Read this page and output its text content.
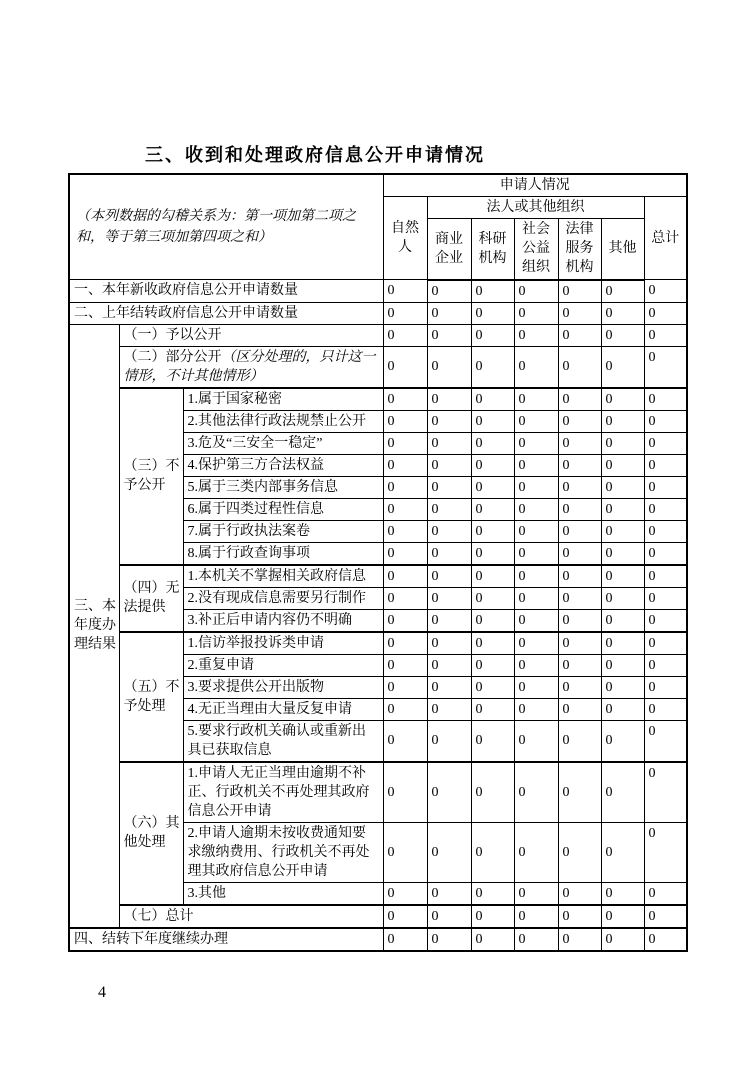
三、收到和处理政府信息公开申请情况
（本列数据的勾稽关系为：第一项加第二项之和，等于第三项加第四项之和）			申请人情况						
			自然人	法人或其他组织					总计
				商业企业	科研机构	社会公益组织	法律服务机构	其他	
一、本年新收政府信息公开申请数量			0	0	0	0	0	0	0
二、上年结转政府信息公开申请数量			0	0	0	0	0	0	0
三、本年度办理结果	（一）予以公开		0	0	0	0	0	0	0
	（二）部分公开（区分处理的，只计这一情形，不计其他情形）		0	0	0	0	0	0	0
	（三）不予公开	1.属于国家秘密	0	0	0	0	0	0	0
		2.其他法律行政法规禁止公开	0	0	0	0	0	0	0
		3.危及“三安全一稳定”	0	0	0	0	0	0	0
		4.保护第三方合法权益	0	0	0	0	0	0	0
		5.属于三类内部事务信息	0	0	0	0	0	0	0
		6.属于四类过程性信息	0	0	0	0	0	0	0
		7.属于行政执法案卷	0	0	0	0	0	0	0
		8.属于行政查询事项	0	0	0	0	0	0	0
	（四）无法提供	1.本机关不掌握相关政府信息	0	0	0	0	0	0	0
		2.没有现成信息需要另行制作	0	0	0	0	0	0	0
		3.补正后申请内容仍不明确	0	0	0	0	0	0	0
	（五）不予处理	1.信访举报投诉类申请	0	0	0	0	0	0	0
		2.重复申请	0	0	0	0	0	0	0
		3.要求提供公开出版物	0	0	0	0	0	0	0
		4.无正当理由大量反复申请	0	0	0	0	0	0	0
		5.要求行政机关确认或重新出具已获取信息	0	0	0	0	0	0	0
	（六）其他处理	1.申请人无正当理由逾期不补正、行政机关不再处理其政府信息公开申请	0	0	0	0	0	0	0
		2.申请人逾期未按收费通知要求缴纳费用、行政机关不再处理其政府信息公开申请	0	0	0	0	0	0	0
		3.其他	0	0	0	0	0	0	0
	（七）总计		0	0	0	0	0	0	0
四、结转下年度继续办理			0	0	0	0	0	0	0
4
